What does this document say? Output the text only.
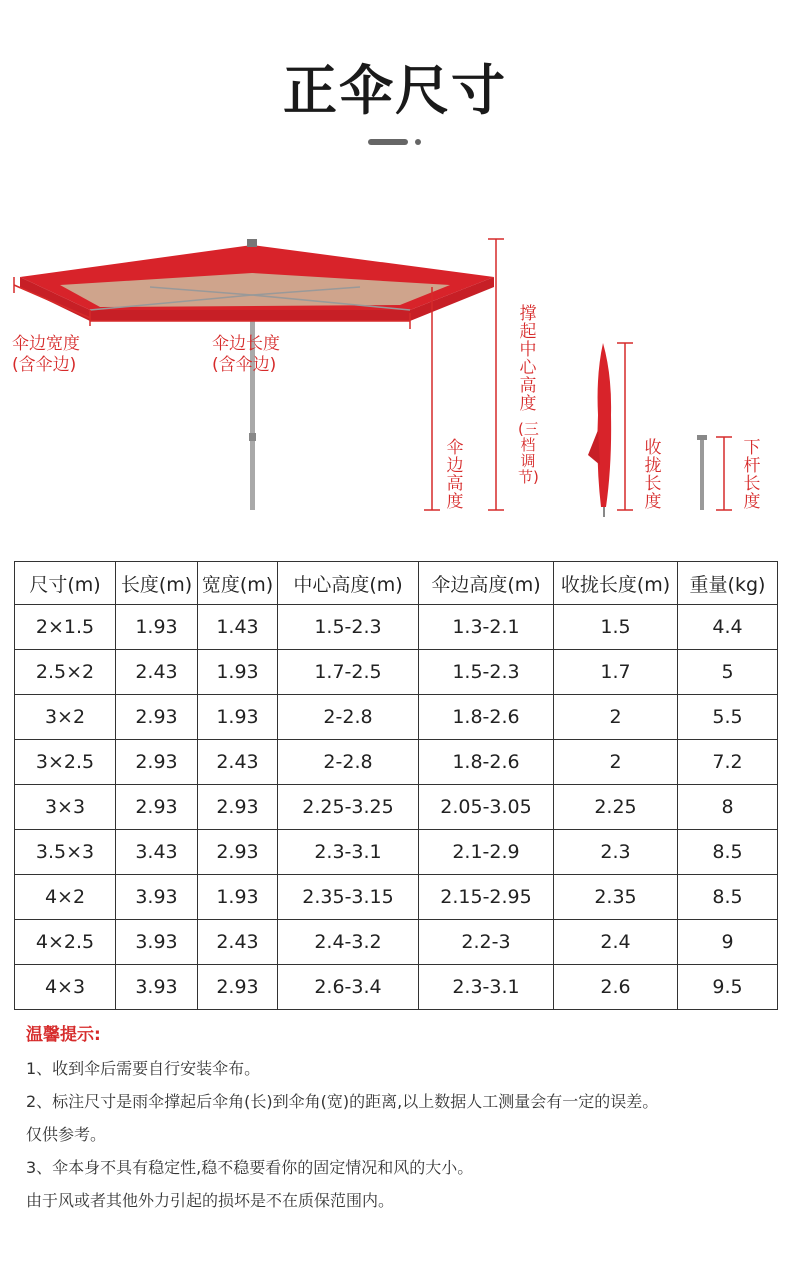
正伞尺寸
伞边宽度
(含伞边)
伞边长度
(含伞边)
伞边高度
撑起中心高度
(三档调节)
收拢长度
下杆长度
尺寸(m)	长度(m)	宽度(m)	中心高度(m)	伞边高度(m)	收拢长度(m)	重量(kg)
2×1.5	1.93	1.43	1.5-2.3	1.3-2.1	1.5	4.4
2.5×2	2.43	1.93	1.7-2.5	1.5-2.3	1.7	5
3×2	2.93	1.93	2-2.8	1.8-2.6	2	5.5
3×2.5	2.93	2.43	2-2.8	1.8-2.6	2	7.2
3×3	2.93	2.93	2.25-3.25	2.05-3.05	2.25	8
3.5×3	3.43	2.93	2.3-3.1	2.1-2.9	2.3	8.5
4×2	3.93	1.93	2.35-3.15	2.15-2.95	2.35	8.5
4×2.5	3.93	2.43	2.4-3.2	2.2-3	2.4	9
4×3	3.93	2.93	2.6-3.4	2.3-3.1	2.6	9.5
温馨提示:
1、收到伞后需要自行安装伞布。
2、标注尺寸是雨伞撑起后伞角(长)到伞角(宽)的距离,以上数据人工测量会有一定的误差。
仅供参考。
3、伞本身不具有稳定性,稳不稳要看你的固定情况和风的大小。
由于风或者其他外力引起的损坏是不在质保范围内。
